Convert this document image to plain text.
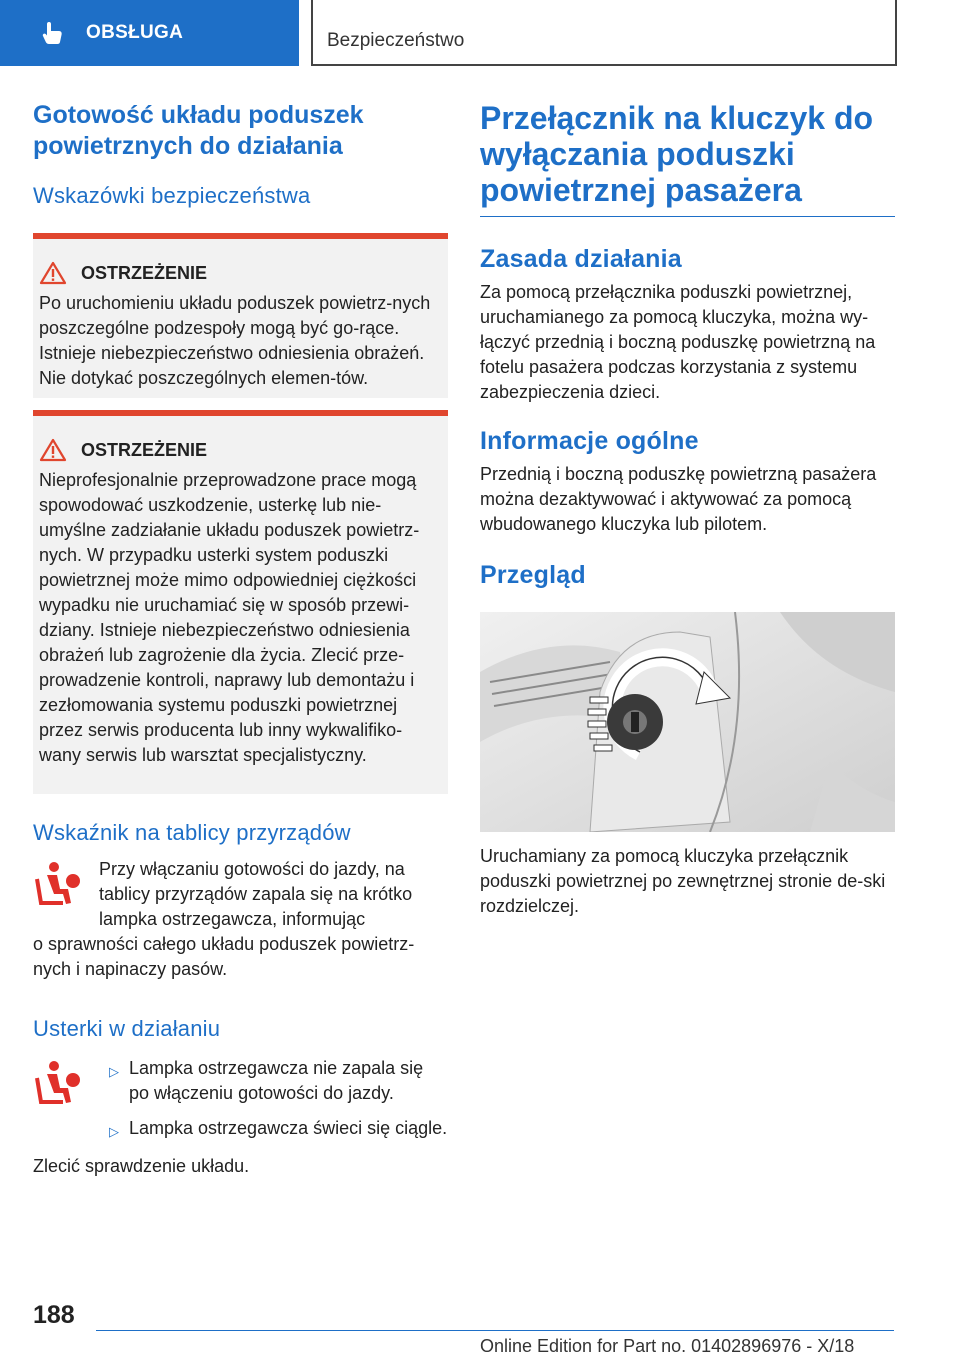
OBSŁUGA	Bezpieczeństwo
Gotowość układu poduszek powietrznych do działania
Wskazówki bezpieczeństwa
OSTRZEŻENIE

Po uruchomieniu układu poduszek powietrz-nych poszczególne podzespoły mogą być go-rące. Istnieje niebezpieczeństwo odniesienia obrażeń. Nie dotykać poszczególnych elemen-tów.

OSTRZEŻENIE

Nieprofesjonalnie przeprowadzone prace mogą spowodować uszkodzenie, usterkę lub nie-umyślne zadziałanie układu poduszek powietrz-nych. W przypadku usterki system poduszki powietrznej może mimo odpowiedniej ciężkości wypadku nie uruchamiać się w sposób przewi-dziany. Istnieje niebezpieczeństwo odniesienia obrażeń lub zagrożenie dla życia. Zlecić prze-prowadzenie kontroli, naprawy lub demontażu i zezłomowania systemu poduszki powietrznej przez serwis producenta lub inny wykwalifiko-wany serwis lub warsztat specjalistyczny.

Wskaźnik na tablicy przyrządów

Przy włączaniu gotowości do jazdy, na

tablicy przyrządów zapala się na krótko

lampka ostrzegawcza, informując

o sprawności całego układu poduszek powietrz-

nych i napinaczy pasów.

Usterki w działaniu
▷ Lampka ostrzegawcza nie zapala się po włączeniu gotowości do jazdy.
▷ Lampka ostrzegawcza świeci się ciągle.

Zlecić sprawdzenie układu.

Przełącznik na kluczyk do wyłączania poduszki powietrznej pasażera
Zasada działania

Za pomocą przełącznika poduszki powietrznej, uruchamianego za pomocą kluczyka, można wy-łączyć przednią i boczną poduszkę powietrzną na fotelu pasażera podczas korzystania z systemu zabezpieczenia dzieci.

Informacje ogólne

Przednią i boczną poduszkę powietrzną pasażera można dezaktywować i aktywować za pomocą wbudowanego kluczyka lub pilotem.

Przegląd

Uruchamiany za pomocą kluczyka przełącznik poduszki powietrznej po zewnętrznej stronie de-ski rozdzielczej.

188
Online Edition for Part no. 01402896976 - X/18
